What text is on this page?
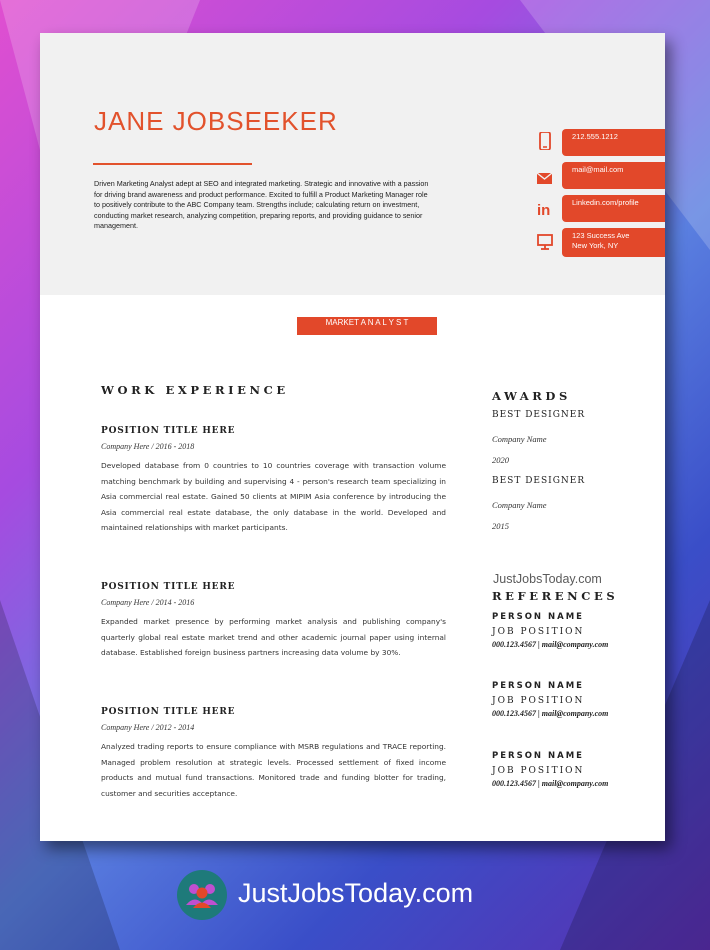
JANE JOBSEEKER
Driven Marketing Analyst adept at SEO and integrated marketing. Strategic and innovative with a passion for driving brand awareness and product performance. Excited to fulfill a Product Marketing Manager role to positively contribute to the ABC Company team. Strengths include; calculating return on investment, conducting market research, analyzing competition, preparing reports, and providing guidance to senior management.
in
212.555.1212
mail@mail.com
Linkedin.com/profile
123 Success Ave
New York, NY
MARKET A N A L Y S T
WORK EXPERIENCE
POSITION TITLE HERE
Company Here / 2016 - 2018
Developed database from 0 countries to 10 countries coverage with transaction volume matching benchmark by building and supervising 4 - person's research team specializing in Asia commercial real estate. Gained 50 clients at MIPIM Asia conference by introducing the Asia commercial real estate database, the only database in the world. Developed and maintained relationships with market participants.
POSITION TITLE HERE
Company Here / 2014 - 2016
Expanded market presence by performing market analysis and publishing company's quarterly global real estate market trend and other academic journal paper using internal database. Established foreign business partners increasing data volume by 30%.
POSITION TITLE HERE
Company Here / 2012 - 2014
Analyzed trading reports to ensure compliance with MSRB regulations and TRACE reporting. Managed problem resolution at strategic levels. Processed settlement of fixed income products and mutual fund transactions. Monitored trade and funding blotter for trading, customer and securities acceptance.
AWARDS
BEST DESIGNER
Company Name
2020
BEST DESIGNER
Company Name
2015
JustJobsToday.com
REFERENCES
PERSON NAME
JOB POSITION
000.123.4567 | mail@company.com
PERSON NAME
JOB POSITION
000.123.4567 | mail@company.com
PERSON NAME
JOB POSITION
000.123.4567 | mail@company.com
JustJobsToday.com
